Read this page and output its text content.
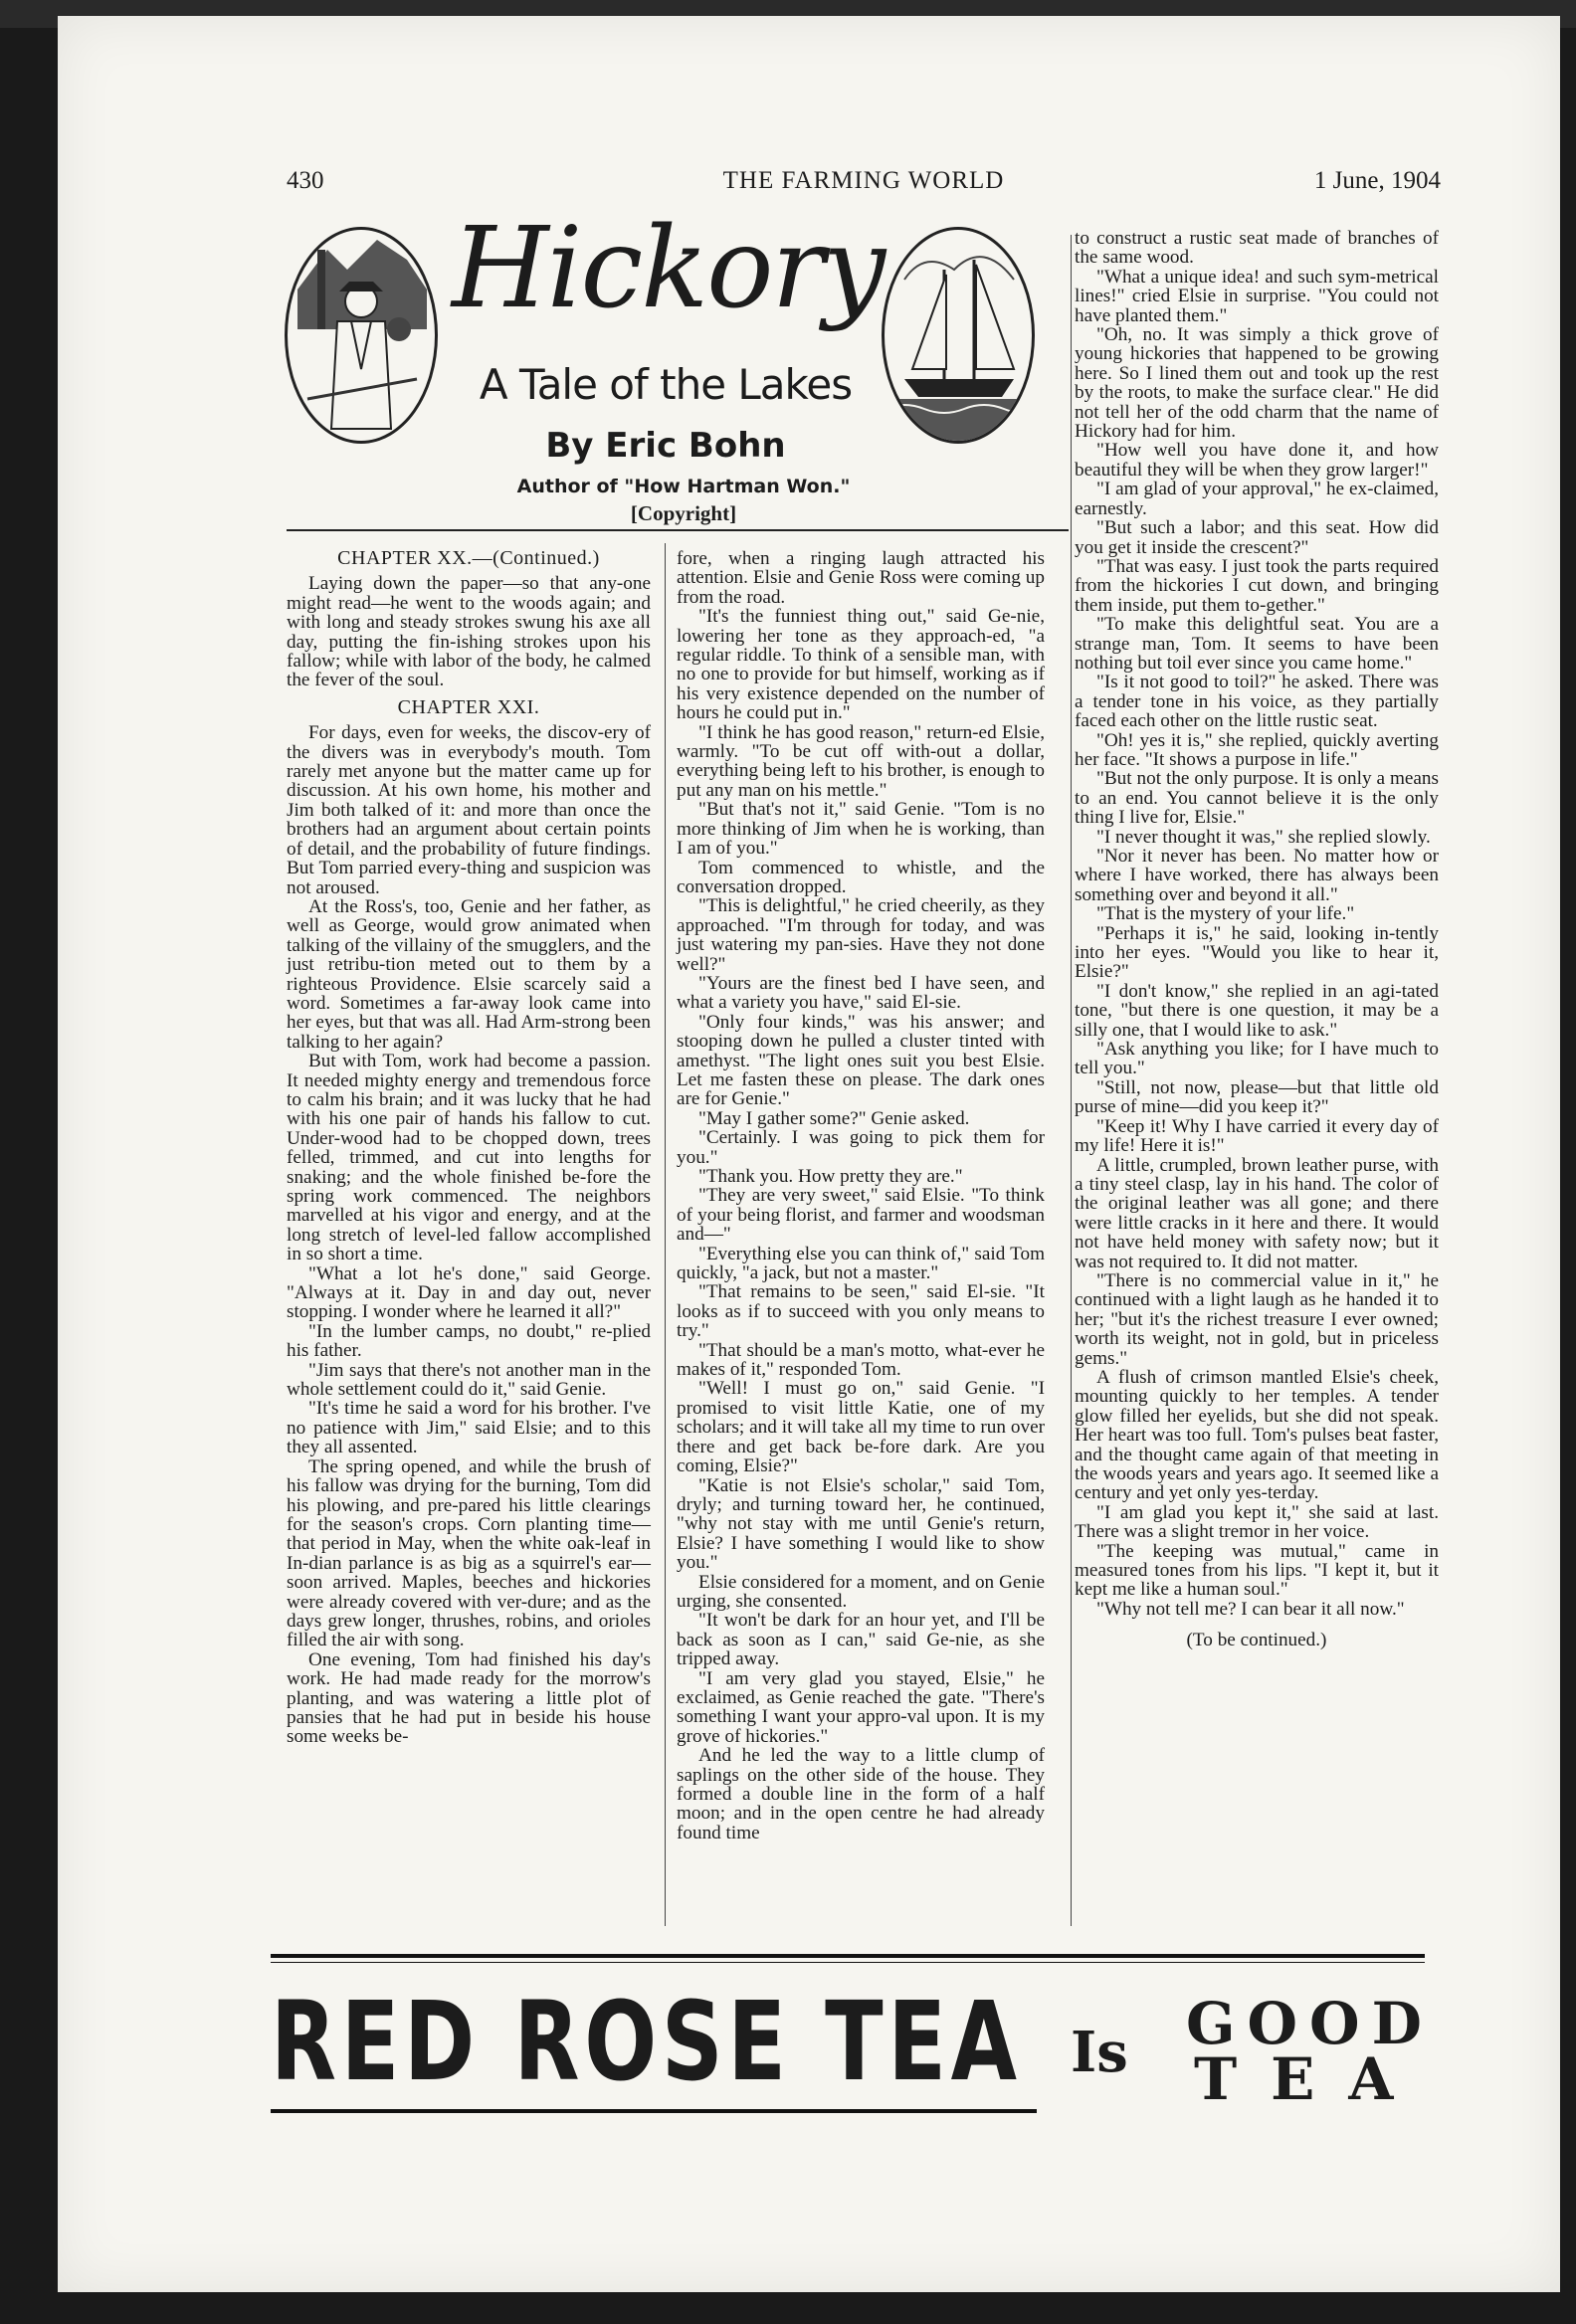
430	THE FARMING WORLD	1 June, 1904
Hickory
A Tale of the Lakes
By Eric Bohn
Author of "How Hartman Won."
[Copyright]
CHAPTER XX.—(Continued.)

Laying down the paper—so that any-one might read—he went to the woods again; and with long and steady strokes swung his axe all day, putting the fin-ishing strokes upon his fallow; while with labor of the body, he calmed the fever of the soul.

CHAPTER XXI.

For days, even for weeks, the discov-ery of the divers was in everybody's mouth. Tom rarely met anyone but the matter came up for discussion. At his own home, his mother and Jim both talked of it: and more than once the brothers had an argument about certain points of detail, and the probability of future findings. But Tom parried every-thing and suspicion was not aroused.

At the Ross's, too, Genie and her father, as well as George, would grow animated when talking of the villainy of the smugglers, and the just retribu-tion meted out to them by a righteous Providence. Elsie scarcely said a word. Sometimes a far-away look came into her eyes, but that was all. Had Arm-strong been talking to her again?

But with Tom, work had become a passion. It needed mighty energy and tremendous force to calm his brain; and it was lucky that he had with his one pair of hands his fallow to cut. Under-wood had to be chopped down, trees felled, trimmed, and cut into lengths for snaking; and the whole finished be-fore the spring work commenced. The neighbors marvelled at his vigor and energy, and at the long stretch of level-led fallow accomplished in so short a time.

"What a lot he's done," said George. "Always at it. Day in and day out, never stopping. I wonder where he learned it all?"

"In the lumber camps, no doubt," re-plied his father.

"Jim says that there's not another man in the whole settlement could do it," said Genie.

"It's time he said a word for his brother. I've no patience with Jim," said Elsie; and to this they all assented.

The spring opened, and while the brush of his fallow was drying for the burning, Tom did his plowing, and pre-pared his little clearings for the season's crops. Corn planting time—that period in May, when the white oak-leaf in In-dian parlance is as big as a squirrel's ear—soon arrived. Maples, beeches and hickories were already covered with ver-dure; and as the days grew longer, thrushes, robins, and orioles filled the air with song.

One evening, Tom had finished his day's work. He had made ready for the morrow's planting, and was watering a little plot of pansies that he had put in beside his house some weeks be-

fore, when a ringing laugh attracted his attention. Elsie and Genie Ross were coming up from the road.

"It's the funniest thing out," said Ge-nie, lowering her tone as they approach-ed, "a regular riddle. To think of a sensible man, with no one to provide for but himself, working as if his very existence depended on the number of hours he could put in."

"I think he has good reason," return-ed Elsie, warmly. "To be cut off with-out a dollar, everything being left to his brother, is enough to put any man on his mettle."

"But that's not it," said Genie. "Tom is no more thinking of Jim when he is working, than I am of you."

Tom commenced to whistle, and the conversation dropped.

"This is delightful," he cried cheerily, as they approached. "I'm through for today, and was just watering my pan-sies. Have they not done well?"

"Yours are the finest bed I have seen, and what a variety you have," said El-sie.

"Only four kinds," was his answer; and stooping down he pulled a cluster tinted with amethyst. "The light ones suit you best Elsie. Let me fasten these on please. The dark ones are for Genie."

"May I gather some?" Genie asked.

"Certainly. I was going to pick them for you."

"Thank you. How pretty they are."

"They are very sweet," said Elsie. "To think of your being florist, and farmer and woodsman and—"

"Everything else you can think of," said Tom quickly, "a jack, but not a master."

"That remains to be seen," said El-sie. "It looks as if to succeed with you only means to try."

"That should be a man's motto, what-ever he makes of it," responded Tom.

"Well! I must go on," said Genie. "I promised to visit little Katie, one of my scholars; and it will take all my time to run over there and get back be-fore dark. Are you coming, Elsie?"

"Katie is not Elsie's scholar," said Tom, dryly; and turning toward her, he continued, "why not stay with me until Genie's return, Elsie? I have something I would like to show you."

Elsie considered for a moment, and on Genie urging, she consented.

"It won't be dark for an hour yet, and I'll be back as soon as I can," said Ge-nie, as she tripped away.

"I am very glad you stayed, Elsie," he exclaimed, as Genie reached the gate. "There's something I want your appro-val upon. It is my grove of hickories."

And he led the way to a little clump of saplings on the other side of the house. They formed a double line in the form of a half moon; and in the open centre he had already found time

to construct a rustic seat made of branches of the same wood.

"What a unique idea! and such sym-metrical lines!" cried Elsie in surprise. "You could not have planted them."

"Oh, no. It was simply a thick grove of young hickories that happened to be growing here. So I lined them out and took up the rest by the roots, to make the surface clear." He did not tell her of the odd charm that the name of Hickory had for him.

"How well you have done it, and how beautiful they will be when they grow larger!"

"I am glad of your approval," he ex-claimed, earnestly.

"But such a labor; and this seat. How did you get it inside the crescent?"

"That was easy. I just took the parts required from the hickories I cut down, and bringing them inside, put them to-gether."

"To make this delightful seat. You are a strange man, Tom. It seems to have been nothing but toil ever since you came home."

"Is it not good to toil?" he asked. There was a tender tone in his voice, as they partially faced each other on the little rustic seat.

"Oh! yes it is," she replied, quickly averting her face. "It shows a purpose in life."

"But not the only purpose. It is only a means to an end. You cannot believe it is the only thing I live for, Elsie."

"I never thought it was," she replied slowly.

"Nor it never has been. No matter how or where I have worked, there has always been something over and beyond it all."

"That is the mystery of your life."

"Perhaps it is," he said, looking in-tently into her eyes. "Would you like to hear it, Elsie?"

"I don't know," she replied in an agi-tated tone, "but there is one question, it may be a silly one, that I would like to ask."

"Ask anything you like; for I have much to tell you."

"Still, not now, please—but that little old purse of mine—did you keep it?"

"Keep it! Why I have carried it every day of my life! Here it is!"

A little, crumpled, brown leather purse, with a tiny steel clasp, lay in his hand. The color of the original leather was all gone; and there were little cracks in it here and there. It would not have held money with safety now; but it was not required to. It did not matter.

"There is no commercial value in it," he continued with a light laugh as he handed it to her; "but it's the richest treasure I ever owned; worth its weight, not in gold, but in priceless gems."

A flush of crimson mantled Elsie's cheek, mounting quickly to her temples. A tender glow filled her eyelids, but she did not speak. Her heart was too full. Tom's pulses beat faster, and the thought came again of that meeting in the woods years and years ago. It seemed like a century and yet only yes-terday.

"I am glad you kept it," she said at last. There was a slight tremor in her voice.

"The keeping was mutual," came in measured tones from his lips. "I kept it, but it kept me like a human soul."

"Why not tell me? I can bear it all now."

(To be continued.)

RED ROSE TEA Is GOOD
TEA
